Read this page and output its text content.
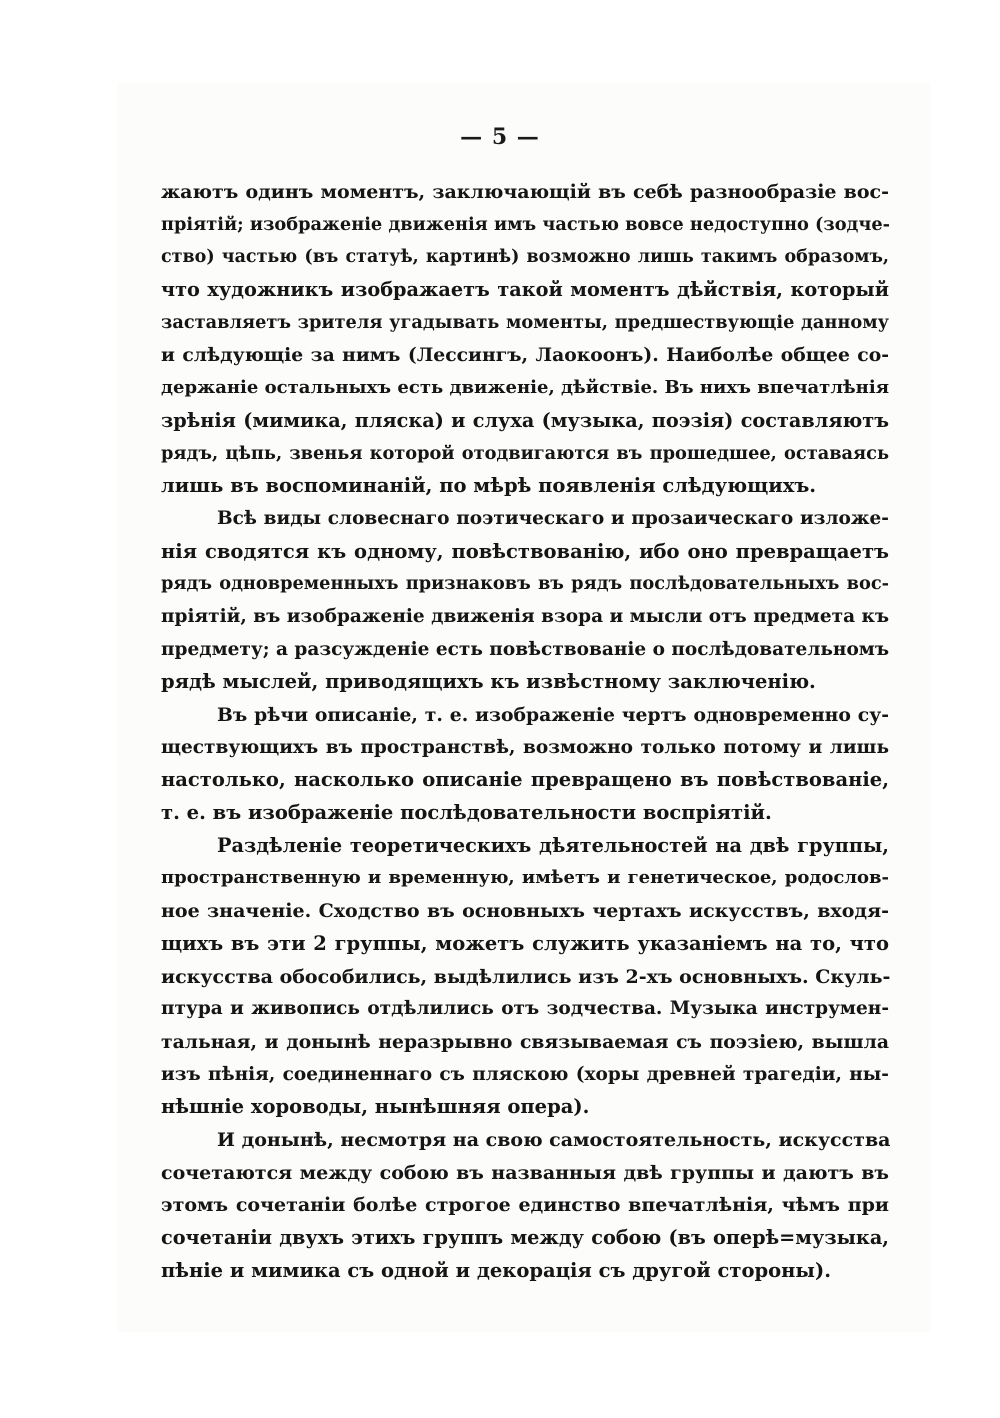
— 5 —
жаютъ одинъ моментъ, заключающій въ себѣ разнообразіе вос-
пріятій; изображеніе движенія имъ частью вовсе недоступно (зодче-
ство) частью (въ статуѣ, картинѣ) возможно лишь такимъ образомъ,
что художникъ изображаетъ такой моментъ дѣйствія, который
заставляетъ зрителя угадывать моменты, предшествующіе данному
и слѣдующіе за нимъ (Лессингъ, Лаокоонъ). Наиболѣе общее со-
держаніе остальныхъ есть движеніе, дѣйствіе. Въ нихъ впечатлѣнія
зрѣнія (мимика, пляска) и слуха (музыка, поэзія) составляютъ
рядъ, цѣпь, звенья которой отодвигаются въ прошедшее, оставаясь
лишь въ воспоминаній, по мѣрѣ появленія слѣдующихъ.
Всѣ виды словеснаго поэтическаго и прозаическаго изложе-
нія сводятся къ одному, повѣствованію, ибо оно превращаетъ
рядъ одновременныхъ признаковъ въ рядъ послѣдовательныхъ вос-
пріятій, въ изображеніе движенія взора и мысли отъ предмета къ
предмету; а разсужденіе есть повѣствованіе о послѣдовательномъ
рядѣ мыслей, приводящихъ къ извѣстному заключенію.
Въ рѣчи описаніе, т. е. изображеніе чертъ одновременно су-
ществующихъ въ пространствѣ, возможно только потому и лишь
настолько, насколько описаніе превращено въ повѣствованіе,
т. е. въ изображеніе послѣдовательности воспріятій.
Раздѣленіе теоретическихъ дѣятельностей на двѣ группы,
пространственную и временную, имѣетъ и генетическое, родослов-
ное значеніе. Сходство въ основныхъ чертахъ искусствъ, входя-
щихъ въ эти 2 группы, можетъ служить указаніемъ на то, что
искусства обособились, выдѣлились изъ 2-хъ основныхъ. Скуль-
птура и живопись отдѣлились отъ зодчества. Музыка инструмен-
тальная, и донынѣ неразрывно связываемая съ поэзіею, вышла
изъ пѣнія, соединеннаго съ пляскою (хоры древней трагедіи, ны-
нѣшніе хороводы, нынѣшняя опера).
И донынѣ, несмотря на свою самостоятельность, искусства
сочетаются между собою въ названныя двѣ группы и даютъ въ
этомъ сочетаніи болѣе строгое единство впечатлѣнія, чѣмъ при
сочетаніи двухъ этихъ группъ между собою (въ оперѣ=музыка,
пѣніе и мимика съ одной и декорація съ другой стороны).
